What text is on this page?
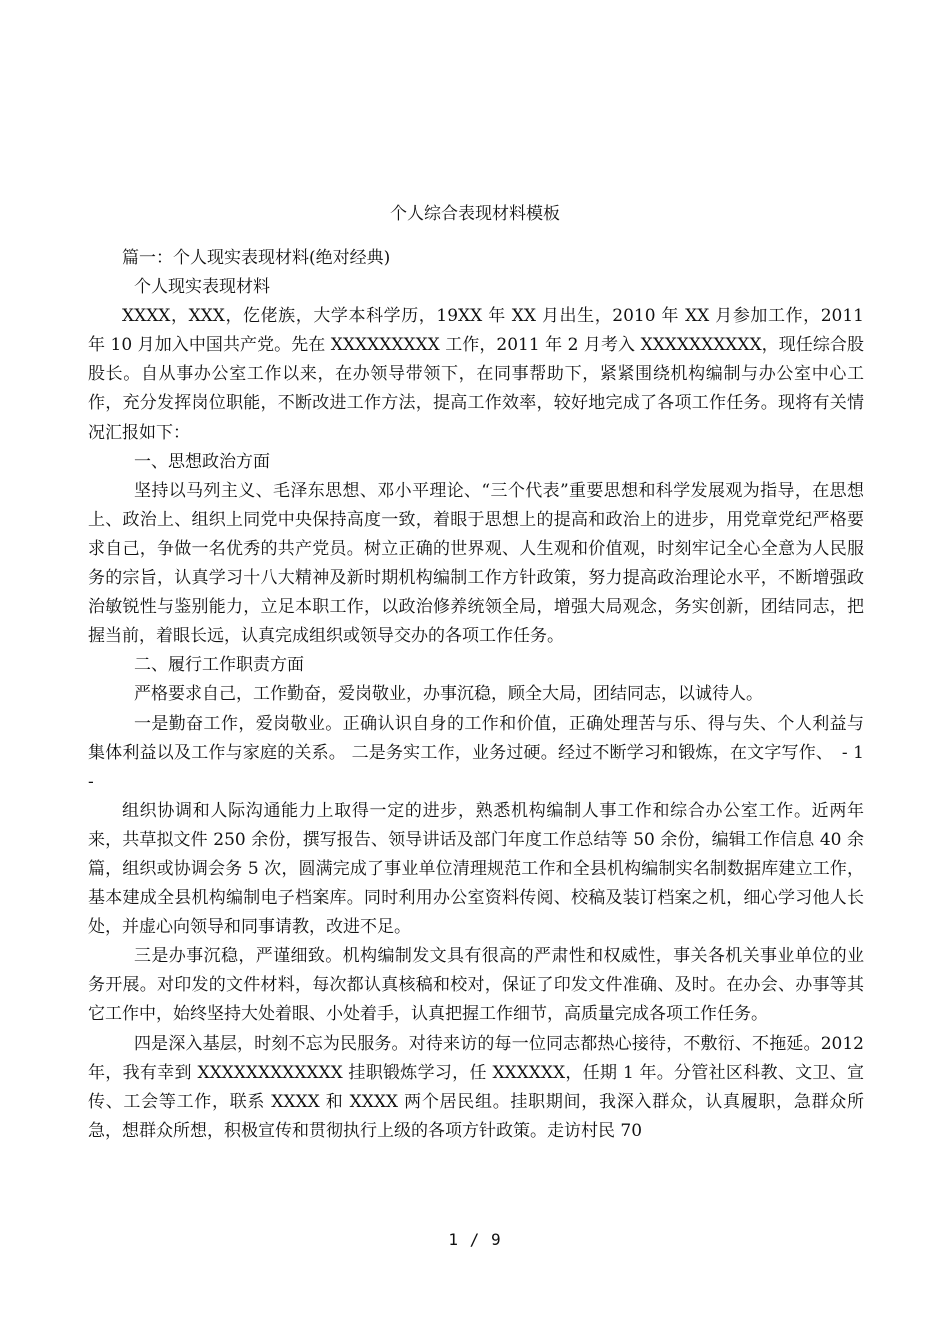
个人综合表现材料模板

篇一：个人现实表现材料(绝对经典)

个人现实表现材料

XXXX，XXX，仡佬族，大学本科学历，19XX 年 XX 月出生，2010 年 XX 月参加工作，2011 年 10 月加入中国共产党。先在 XXXXXXXXX 工作，2011 年 2 月考入 XXXXXXXXXX，现任综合股股长。自从事办公室工作以来，在办领导带领下，在同事帮助下，紧紧围绕机构编制与办公室中心工作，充分发挥岗位职能，不断改进工作方法，提高工作效率，较好地完成了各项工作任务。现将有关情况汇报如下：

一、思想政治方面

坚持以马列主义、毛泽东思想、邓小平理论、“三个代表”重要思想和科学发展观为指导，在思想上、政治上、组织上同党中央保持高度一致，着眼于思想上的提高和政治上的进步，用党章党纪严格要求自己，争做一名优秀的共产党员。树立正确的世界观、人生观和价值观，时刻牢记全心全意为人民服务的宗旨，认真学习十八大精神及新时期机构编制工作方针政策，努力提高政治理论水平，不断增强政治敏锐性与鉴别能力，立足本职工作，以政治修养统领全局，增强大局观念，务实创新，团结同志，把握当前，着眼长远，认真完成组织或领导交办的各项工作任务。

二、履行工作职责方面

严格要求自己，工作勤奋，爱岗敬业，办事沉稳，顾全大局，团结同志，以诚待人。

一是勤奋工作，爱岗敬业。正确认识自身的工作和价值，正确处理苦与乐、得与失、个人利益与集体利益以及工作与家庭的关系。 二是务实工作，业务过硬。经过不断学习和锻炼，在文字写作、　- 1 -

组织协调和人际沟通能力上取得一定的进步，熟悉机构编制人事工作和综合办公室工作。近两年来，共草拟文件 250 余份，撰写报告、领导讲话及部门年度工作总结等 50 余份，编辑工作信息 40 余篇，组织或协调会务 5 次，圆满完成了事业单位清理规范工作和全县机构编制实名制数据库建立工作，基本建成全县机构编制电子档案库。同时利用办公室资料传阅、校稿及装订档案之机，细心学习他人长处，并虚心向领导和同事请教，改进不足。

三是办事沉稳，严谨细致。机构编制发文具有很高的严肃性和权威性，事关各机关事业单位的业务开展。对印发的文件材料，每次都认真核稿和校对，保证了印发文件准确、及时。在办会、办事等其它工作中，始终坚持大处着眼、小处着手，认真把握工作细节，高质量完成各项工作任务。

四是深入基层，时刻不忘为民服务。对待来访的每一位同志都热心接待，不敷衍、不拖延。2012 年，我有幸到 XXXXXXXXXXXX 挂职锻炼学习，任 XXXXXX，任期 1 年。分管社区科教、文卫、宣传、工会等工作，联系 XXXX 和 XXXX 两个居民组。挂职期间，我深入群众，认真履职，急群众所急，想群众所想，积极宣传和贯彻执行上级的各项方针政策。走访村民 70

1 / 9
